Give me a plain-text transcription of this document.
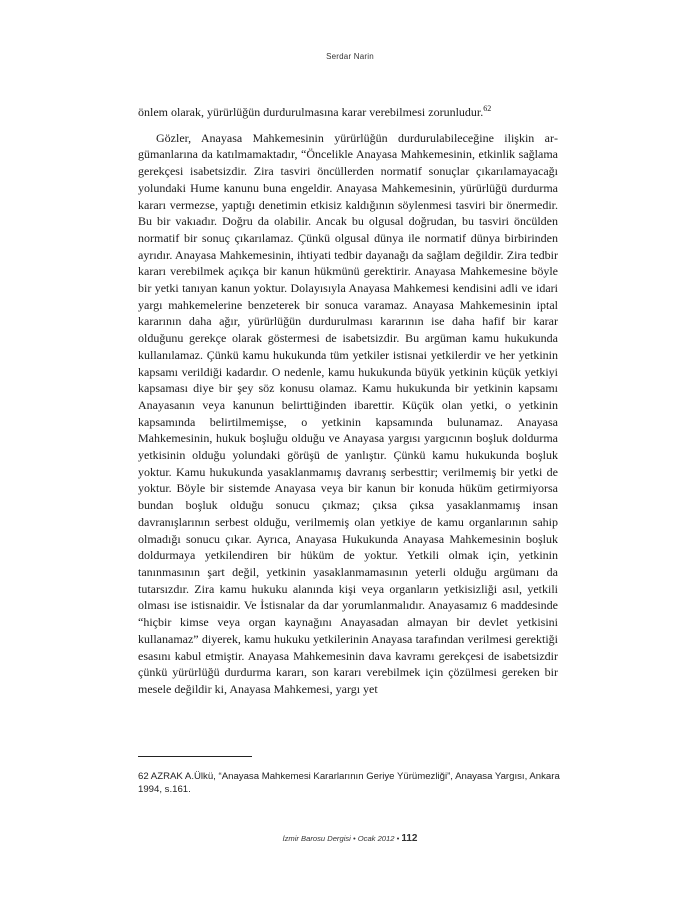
Serdar Narin

önlem olarak, yürürlüğün durdurulmasına karar verebilmesi zorunludur.$^{62}$

Gözler, Anayasa Mahkemesinin yürürlüğün durdurulabileceğine ilişkin argümanlarına da katılmamaktadır, “Öncelikle Anayasa Mahkemesinin, etkinlik sağlama gerekçesi isabetsizdir. Zira tasviri öncüllerden normatif sonuçlar çıkarılamayacağı yolundaki Hume kanunu buna engeldir. Anayasa Mahkemesinin, yürürlüğü durdurma kararı vermezse, yaptığı denetimin etkisiz kaldığının söylenmesi tasviri bir önermedir. Bu bir vakıadır. Doğru da olabilir. Ancak bu olgusal doğrudan, bu tasviri öncülden normatif bir sonuç çıkarılamaz. Çünkü olgusal dünya ile normatif dünya birbirinden ayrıdır. Anayasa Mahkemesinin, ihtiyati tedbir dayanağı da sağlam değildir. Zira tedbir kararı verebilmek açıkça bir kanun hükmünü gerektirir. Anayasa Mahkemesine böyle bir yetki tanıyan kanun yoktur. Dolayısıyla Anayasa Mahkemesi kendisini adli ve idari yargı mahkemelerine benzeterek bir sonuca varamaz. Anayasa Mahkemesinin iptal kararının daha ağır, yürürlüğün durdurulması kararının ise daha hafif bir karar olduğunu gerekçe olarak göstermesi de isabetsizdir. Bu argüman kamu hukukunda kullanılamaz. Çünkü kamu hukukunda tüm yetkiler istisnai yetkilerdir ve her yetkinin kapsamı verildiği kadardır. O nedenle, kamu hukukunda büyük yetkinin küçük yetkiyi kapsaması diye bir şey söz konusu olamaz. Kamu hukukunda bir yetkinin kapsamı Anayasanın veya kanunun belirttiğinden ibarettir. Küçük olan yetki, o yetkinin kapsamında belirtilmemişse, o yetkinin kapsamında bulunamaz. Anayasa Mahkemesinin, hukuk boşluğu olduğu ve Anayasa yargısı yargıcının boşluk doldurma yetkisinin olduğu yolundaki görüşü de yanlıştır. Çünkü kamu hukukunda boşluk yoktur. Kamu hukukunda yasaklanmamış davranış serbesttir; verilmemiş bir yetki de yoktur. Böyle bir sistemde Anayasa veya bir kanun bir konuda hüküm getirmiyorsa bundan boşluk olduğu sonucu çıkmaz; çıksa çıksa yasaklanmamış insan davranışlarının serbest olduğu, verilmemiş olan yetkiye de kamu organlarının sahip olmadığı sonucu çıkar. Ayrıca, Anayasa Hukukunda Anayasa Mahkemesinin boşluk doldurmaya yetkilendiren bir hüküm de yoktur. Yetkili olmak için, yetkinin tanınmasının şart değil, yetkinin yasaklanmamasının yeterli olduğu argümanı da tutarsızdır. Zira kamu hukuku alanında kişi veya organların yetkisizliği asıl, yetkili olması ise istisnaidir. Ve İstisnalar da dar yorumlanmalıdır. Anayasamız 6 maddesinde “hiçbir kimse veya organ kaynağını Anayasadan almayan bir devlet yetkisini kullanamaz” diyerek, kamu hukuku yetkilerinin Anayasa tarafından verilmesi gerektiği esasını kabul etmiştir. Anayasa Mahkemesinin dava kavramı gerekçesi de isabetsizdir çünkü yürürlüğü durdurma kararı, son kararı verebilmek için çözülmesi gereken bir mesele değildir ki, Anayasa Mahkemesi, yargı yet

62 AZRAK A.Ülkü, “Anayasa Mahkemesi Kararlarının Geriye Yürümezliği”, Anayasa Yargısı, Ankara 1994, s.161.
İzmir Barosu Dergisi • Ocak 2012 • 112
